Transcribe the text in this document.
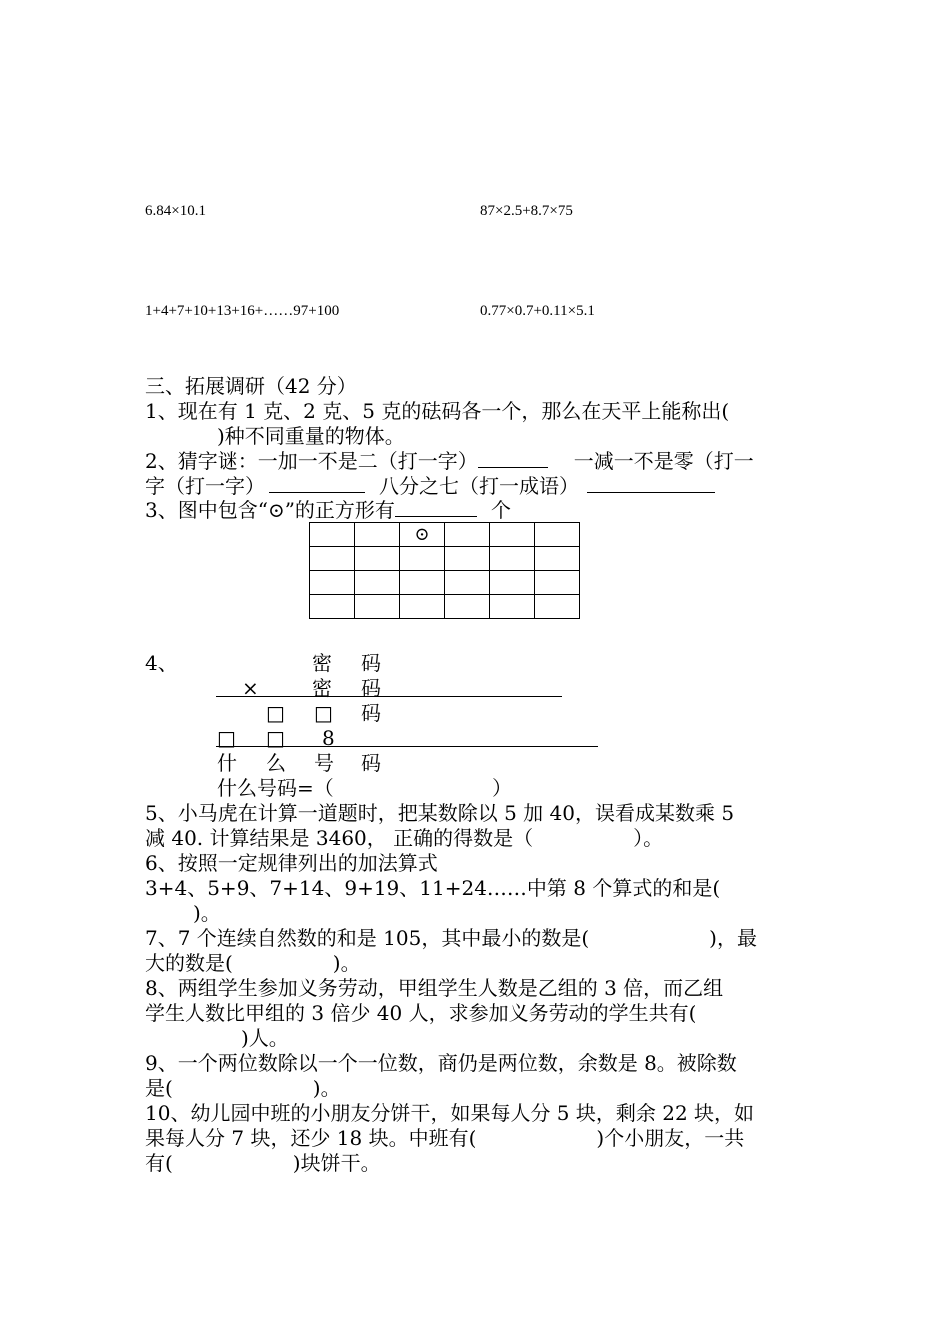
6.84×10.1	87×2.5+8.7×75
1+4+7+10+13+16+……97+100	0.77×0.7+0.11×5.1
三、拓展调研（42 分）
1、现在有 1 克、2 克、5 克的砝码各一个，那么在天平上能称出(
)种不同重量的物体。
2、猜字谜：一加一不是二（打一字）	一减一不是零（打一
字（打一字）	八分之七（打一成语）
3、图中包含“⊙”的正方形有	个
		⊙			

4、	密 码
×	密 码
□ □ 码
□ □ 8
什 么 号 码
什么号码=（	）
5、小马虎在计算一道题时，把某数除以 5 加 40，误看成某数乘 5
减 40. 计算结果是 3460， 正确的得数是（　　　　　）。
6、按照一定规律列出的加法算式
3+4、5+9、7+14、9+19、11+24……中第 8 个算式的和是(
)。
7、7 个连续自然数的和是 105，其中最小的数是(　　　　　　)，最
大的数是(　　　　　)。
8、两组学生参加义务劳动，甲组学生人数是乙组的 3 倍，而乙组
学生人数比甲组的 3 倍少 40 人，求参加义务劳动的学生共有(
)人。
9、一个两位数除以一个一位数，商仍是两位数，余数是 8。被除数
是(　　　　　　　)。
10、幼儿园中班的小朋友分饼干，如果每人分 5 块，剩余 22 块，如
果每人分 7 块，还少 18 块。中班有(　　　　　　)个小朋友，一共
有(　　　　　　)块饼干。
